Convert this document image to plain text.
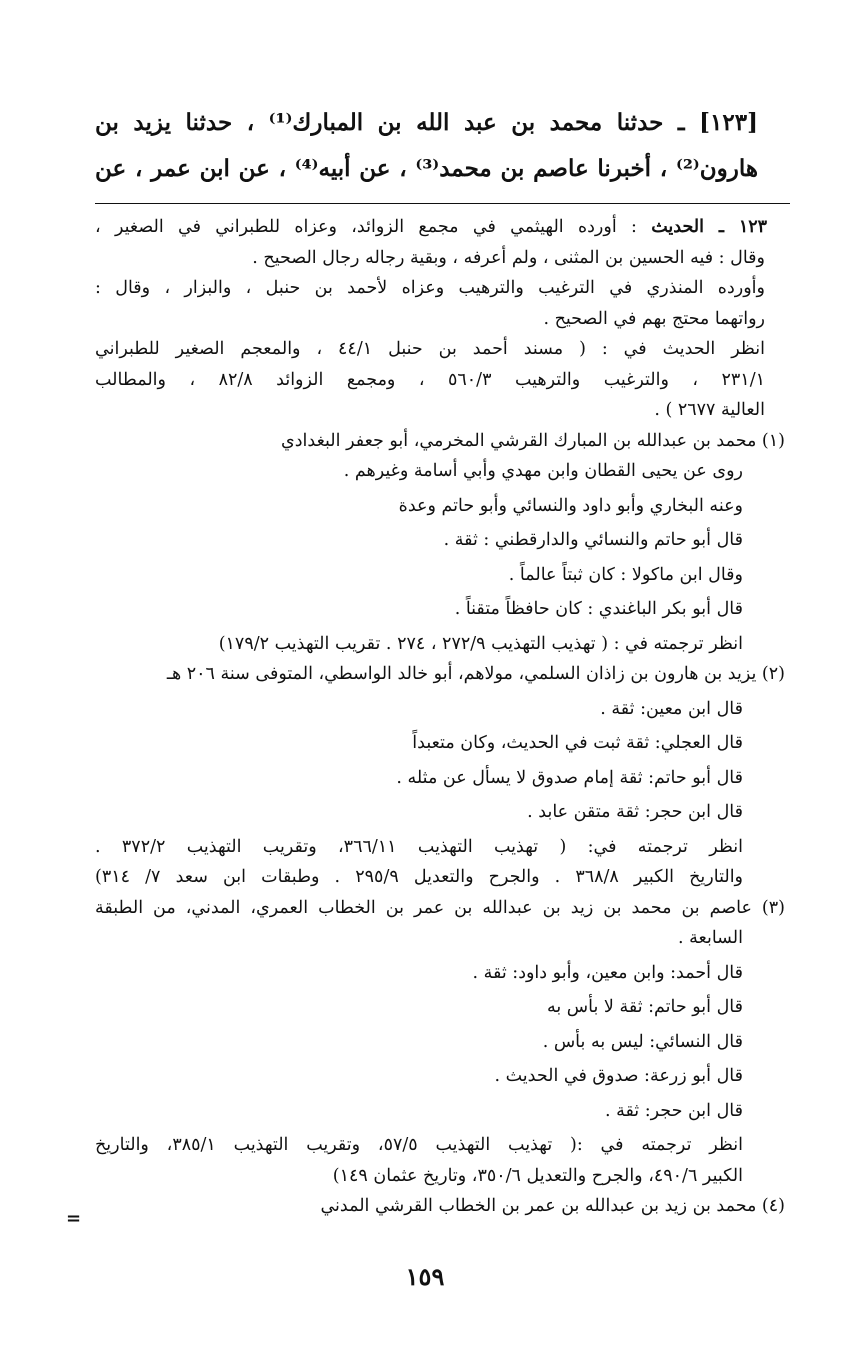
[١٢٣] ـ حدثنا محمد بن عبد الله بن المبارك⁽¹⁾ ، حدثنا يزيد بن
هارون⁽²⁾ ، أخبرنا عاصم بن محمد⁽³⁾ ، عن أبيه⁽⁴⁾ ، عن ابن عمر ، عن
١٢٣ ـ الحديث : أورده الهيثمي في مجمع الزوائد، وعزاه للطبراني في الصغير ،
وقال : فيه الحسين بن المثنى ، ولم أعرفه ، وبقية رجاله رجال الصحيح .
وأورده المنذري في الترغيب والترهيب وعزاه لأحمد بن حنبل ، والبزار ، وقال :
رواتهما محتج بهم في الصحيح .
انظر الحديث في : ( مسند أحمد بن حنبل ٤٤/١ ، والمعجم الصغير للطبراني
٢٣١/١ ، والترغيب والترهيب ٥٦٠/٣ ، ومجمع الزوائد ٨٢/٨ ، والمطالب
العالية ٢٦٧٧ ) .
(١) محمد بن عبدالله بن المبارك القرشي المخرمي، أبو جعفر البغدادي
روى عن يحيى القطان وابن مهدي وأبي أسامة وغيرهم .
وعنه البخاري وأبو داود والنسائي وأبو حاتم وعدة
قال أبو حاتم والنسائي والدارقطني : ثقة .
وقال ابن ماكولا : كان ثبتاً عالماً .
قال أبو بكر الباغندي : كان حافظاً متقناً .
انظر ترجمته في : ( تهذيب التهذيب ٢٧٢/٩ ، ٢٧٤ . تقريب التهذيب ١٧٩/٢)
(٢) يزيد بن هارون بن زاذان السلمي، مولاهم، أبو خالد الواسطي، المتوفى سنة ٢٠٦ هـ
قال ابن معين: ثقة .
قال العجلي: ثقة ثبت في الحديث، وكان متعبداً
قال أبو حاتم: ثقة إمام صدوق لا يسأل عن مثله .
قال ابن حجر: ثقة متقن عابد .
انظر ترجمته في: ( تهذيب التهذيب ٣٦٦/١١، وتقريب التهذيب ٣٧٢/٢ .
والتاريخ الكبير ٣٦٨/٨ . والجرح والتعديل ٢٩٥/٩ . وطبقات ابن سعد ٧/ ٣١٤)
(٣) عاصم بن محمد بن زيد بن عبدالله بن عمر بن الخطاب العمري، المدني، من الطبقة
السابعة .
قال أحمد: وابن معين، وأبو داود: ثقة .
قال أبو حاتم: ثقة لا بأس به
قال النسائي: ليس به بأس .
قال أبو زرعة: صدوق في الحديث .
قال ابن حجر: ثقة .
انظر ترجمته في :( تهذيب التهذيب ٥٧/٥، وتقريب التهذيب ٣٨٥/١، والتاريخ
الكبير ٤٩٠/٦، والجرح والتعديل ٣٥٠/٦، وتاريخ عثمان ١٤٩)
(٤) محمد بن زيد بن عبدالله بن عمر بن الخطاب القرشي المدني
=
١٥٩
